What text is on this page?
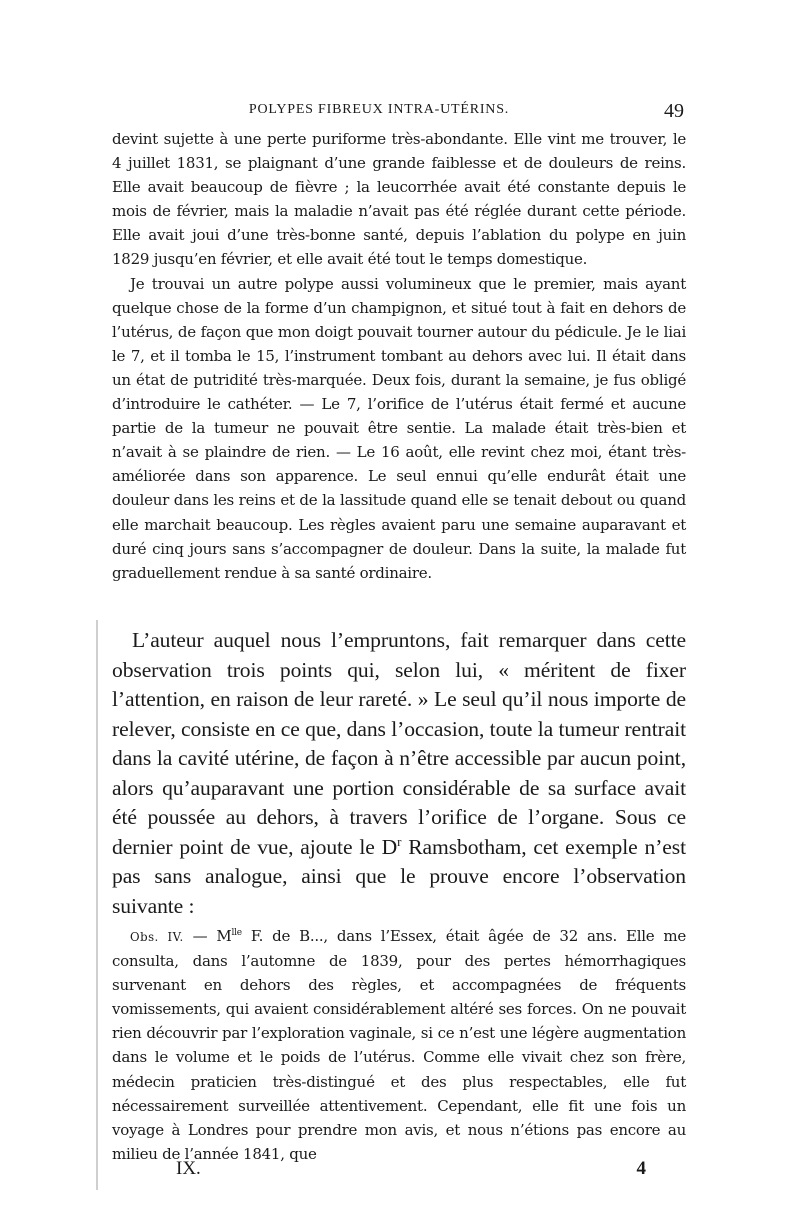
POLYPES FIBREUX INTRA-UTÉRINS.	49

devint sujette à une perte puriforme très-abondante. Elle vint me trouver, le 4 juillet 1831, se plaignant d’une grande faiblesse et de douleurs de reins. Elle avait beaucoup de fièvre ; la leucorrhée avait été constante depuis le mois de février, mais la maladie n’avait pas été réglée durant cette période. Elle avait joui d’une très-bonne santé, depuis l’ablation du polype en juin 1829 jusqu’en février, et elle avait été tout le temps domestique.

Je trouvai un autre polype aussi volumineux que le premier, mais ayant quelque chose de la forme d’un champignon, et situé tout à fait en dehors de l’utérus, de façon que mon doigt pouvait tourner autour du pédicule. Je le liai le 7, et il tomba le 15, l’instrument tombant au dehors avec lui. Il était dans un état de putridité très-marquée. Deux fois, durant la semaine, je fus obligé d’introduire le cathéter. — Le 7, l’orifice de l’utérus était fermé et aucune partie de la tumeur ne pouvait être sentie. La malade était très-bien et n’avait à se plaindre de rien. — Le 16 août, elle revint chez moi, étant très-améliorée dans son apparence. Le seul ennui qu’elle endurât était une douleur dans les reins et de la lassitude quand elle se tenait debout ou quand elle marchait beaucoup. Les règles avaient paru une semaine auparavant et duré cinq jours sans s’accompagner de douleur. Dans la suite, la malade fut graduellement rendue à sa santé ordinaire.

L’auteur auquel nous l’empruntons, fait remarquer dans cette observation trois points qui, selon lui, « méritent de fixer l’attention, en raison de leur rareté. » Le seul qu’il nous importe de relever, consiste en ce que, dans l’occasion, toute la tumeur rentrait dans la cavité utérine, de façon à n’être accessible par aucun point, alors qu’auparavant une portion considérable de sa surface avait été poussée au dehors, à travers l’orifice de l’organe. Sous ce dernier point de vue, ajoute le $D^r$ Ramsbotham, cet exemple n’est pas sans analogue, ainsi que le prouve encore l’observation suivante :

Obs. IV. — $M^{lle}$ F. de B..., dans l’Essex, était âgée de 32 ans. Elle me consulta, dans l’automne de 1839, pour des pertes hémorrhagiques survenant en dehors des règles, et accompagnées de fréquents vomissements, qui avaient considérablement altéré ses forces. On ne pouvait rien découvrir par l’exploration vaginale, si ce n’est une légère augmentation dans le volume et le poids de l’utérus. Comme elle vivait chez son frère, médecin praticien très-distingué et des plus respectables, elle fut nécessairement surveillée attentivement. Cependant, elle fit une fois un voyage à Londres pour prendre mon avis, et nous n’étions pas encore au milieu de l’année 1841, que

IX.	4
